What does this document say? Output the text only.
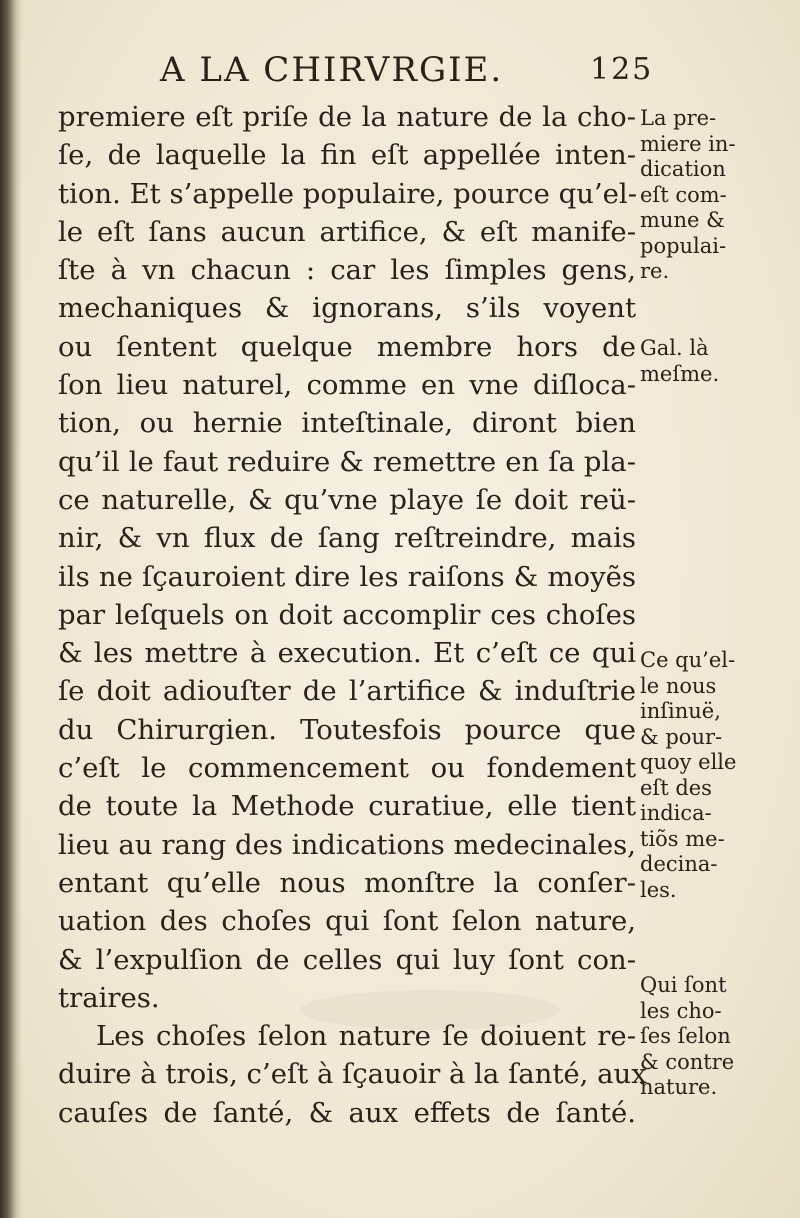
A LA CHIRVRGIE.	125
premiere eſt priſe de la nature de la cho-
ſe, de laquelle la fin eſt appellée inten-
tion. Et s’appelle populaire, pource qu’el-
le eſt ſans aucun artifice, & eſt manife-
ſte à vn chacun : car les ſimples gens,
mechaniques & ignorans, s’ils voyent
ou ſentent quelque membre hors de
ſon lieu naturel, comme en vne diſloca-
tion, ou hernie inteſtinale, diront bien
qu’il le faut reduire & remettre en ſa pla-
ce naturelle, & qu’vne playe ſe doit reü-
nir, & vn flux de ſang reſtreindre, mais
ils ne ſçauroient dire les raiſons & moyẽs
par leſquels on doit accomplir ces choſes
& les mettre à execution. Et c’eſt ce qui
ſe doit adiouſter de l’artifice & induſtrie
du Chirurgien. Toutesfois pource que
c’eſt le commencement ou fondement
de toute la Methode curatiue, elle tient
lieu au rang des indications medecinales,
entant qu’elle nous monſtre la conſer-
uation des choſes qui ſont ſelon nature,
& l’expulſion de celles qui luy ſont con-
traires.
Les choſes ſelon nature ſe doiuent re-
duire à trois, c’eſt à ſçauoir à la ſanté, aux
cauſes de ſanté, & aux effets de ſanté.
La pre-
miere in-
dication
eſt com-
mune &
populai-
re.
Gal. là
meſme.
Ce qu’el-
le nous
inſinuë,
& pour-
quoy elle
eſt des
indica-
tiõs me-
decina-
les.
Qui ſont
les cho-
ſes ſelon
& contre
nature.
